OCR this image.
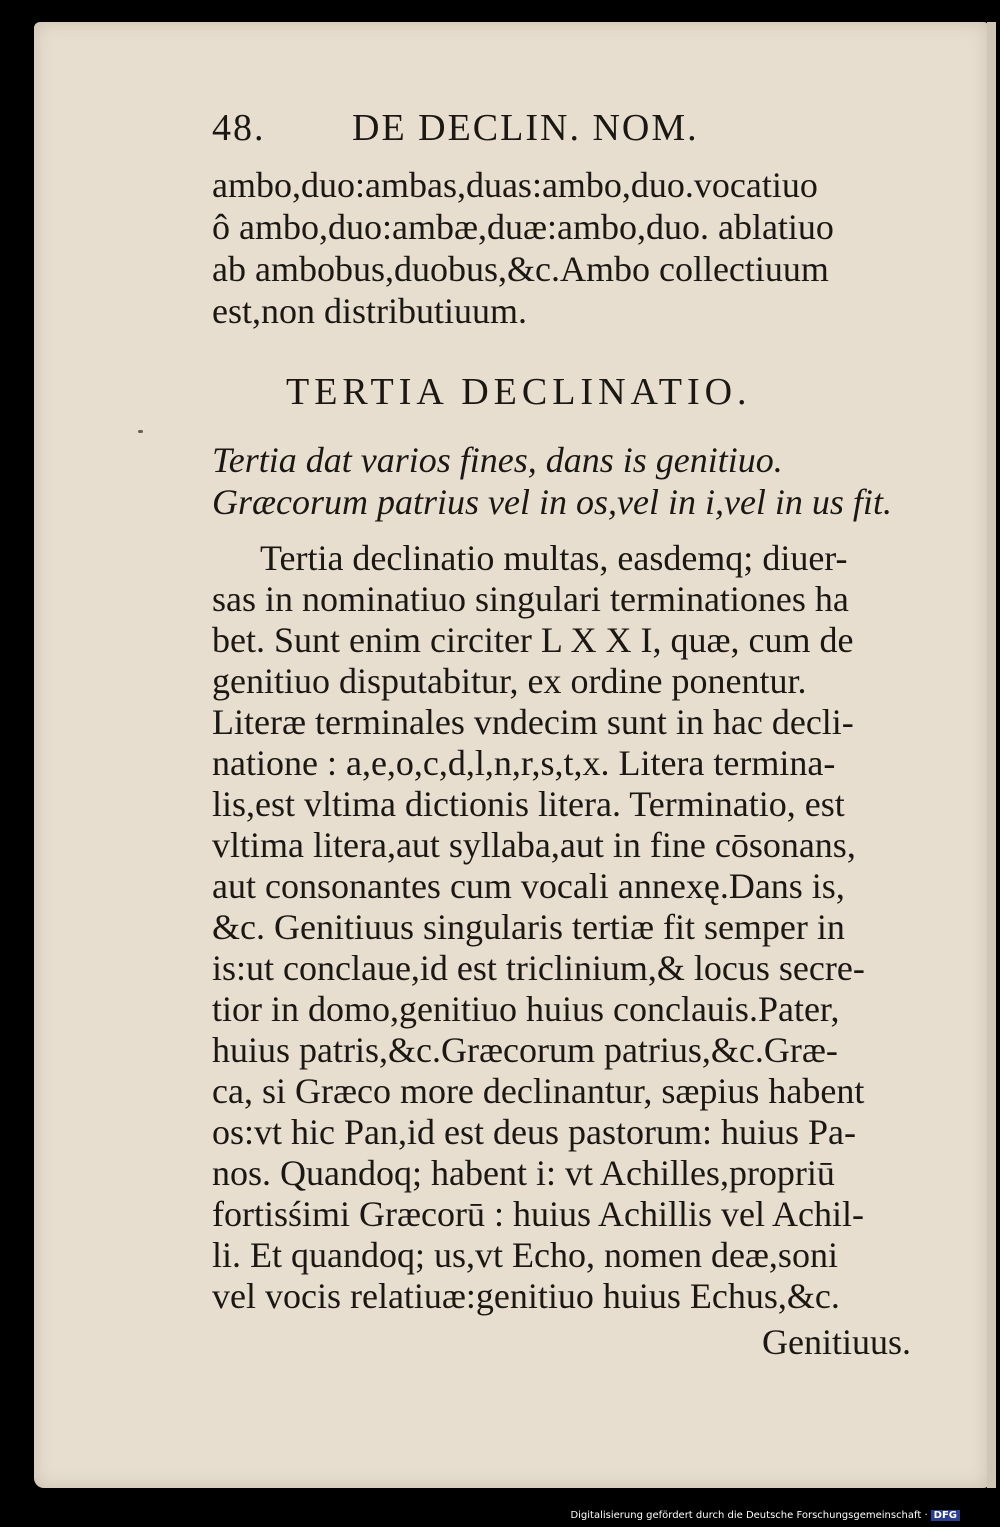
48. DE DECLIN. NOM.
ambo,duo:ambas,duas:ambo,duo.vocatiuo
ô ambo,duo:ambæ,duæ:ambo,duo. ablatiuo
ab ambobus,duobus,&c.Ambo collectiuum
est,non distributiuum.
Tertia dat varios fines, dans is genitiuo.
Græcorum patrius vel in os,vel in i,vel in us fit.
Tertia declinatio multas, easdemq; diuer-
sas in nominatiuo singulari terminationes ha
bet. Sunt enim circiter L X X I, quæ, cum de
genitiuo disputabitur, ex ordine ponentur.
Literæ terminales vndecim sunt in hac decli-
natione : a,e,o,c,d,l,n,r,s,t,x. Litera termina-
lis,est vltima dictionis litera. Terminatio, est
vltima litera,aut syllaba,aut in fine cōsonans,
aut consonantes cum vocali annexę.Dans is,
&c. Genitiuus singularis tertiæ fit semper in
is:ut conclaue,id est triclinium,& locus secre-
tior in domo,genitiuo huius conclauis.Pater,
huius patris,&c.Græcorum patrius,&c.Græ-
ca, si Græco more declinantur, sæpius habent
os:vt hic Pan,id est deus pastorum: huius Pa-
nos. Quandoq; habent i: vt Achilles,propriū
fortisśimi Græcorū : huius Achillis vel Achil-
li. Et quandoq; us,vt Echo, nomen deæ,soni
vel vocis relatiuæ:genitiuo huius Echus,&c.
TERTIA DECLINATIO.
Genitiuus.
Digitalisierung gefördert durch die Deutsche Forschungsgemeinschaft · DFG
